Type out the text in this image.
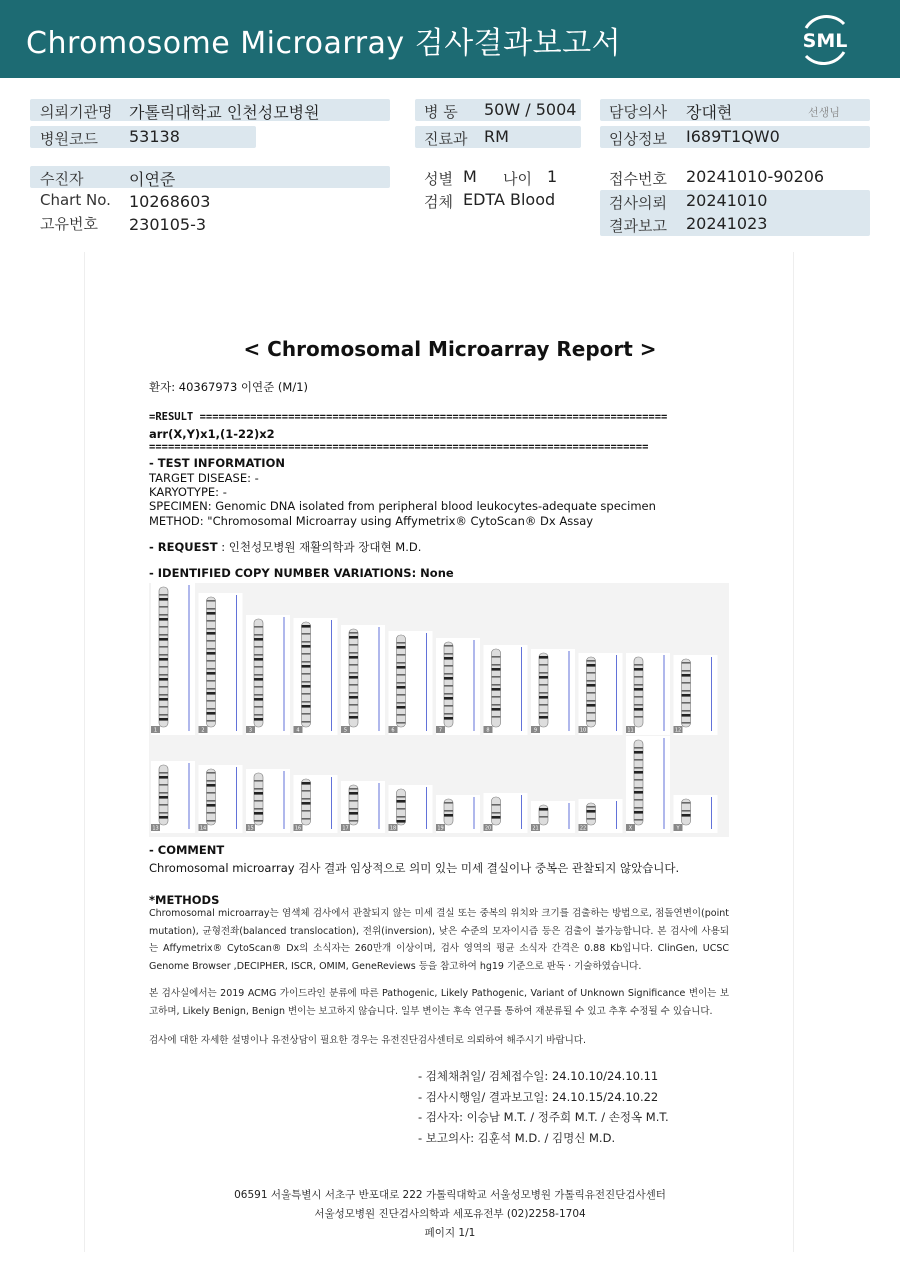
Chromosome Microarray 검사결과보고서	SML
의뢰기관명 가톨릭대학교 인천성모병원
병원코드 53138
병 동 50W / 5004
진료과 RM
담당의사 장대현	선생님
임상정보 I689T1QW0
수진자	이연준
Chart No. 10268603
고유번호 230105-3
성별 M 나이 1
검체 EDTA Blood
접수번호 20241010-90206
검사의뢰 20241010
결과보고 20241023
< Chromosomal Microarray Report >
환자: 40367973 이연준 (M/1)
=RESULT ==========================================================================
arr(X,Y)x1,(1-22)x2
===============================================================================
- TEST INFORMATION
TARGET DISEASE: -
KARYOTYPE: -
SPECIMEN: Genomic DNA isolated from peripheral blood leukocytes-adequate specimen
METHOD: "Chromosomal Microarray using Affymetrix® CytoScan® Dx Assay
- REQUEST : 인천성모병원 재활의학과 장대현 M.D.
- IDENTIFIED COPY NUMBER VARIATIONS: None
1	2	3	4	5	6	7	8	9	10	11	12
13	14	15	16	17	18	19	20	21	22	X	Y
- COMMENT
Chromosomal microarray 검사 결과 임상적으로 의미 있는 미세 결실이나 중복은 관찰되지 않았습니다.
*METHODS
Chromosomal microarray는 염색체 검사에서 관찰되지 않는 미세 결실 또는 중복의 위치와 크기를 검출하는 방법으로, 점돌연변이(point mutation), 균형전좌(balanced translocation), 전위(inversion), 낮은 수준의 모자이시즘 등은 검출이 불가능합니다. 본 검사에 사용되는 Affymetrix® CytoScan® Dx의 소식자는 260만개 이상이며, 검사 영역의 평균 소식자 간격은 0.88 Kb입니다. ClinGen, UCSC Genome Browser ,DECIPHER, ISCR, OMIM, GeneReviews 등을 참고하여 hg19 기준으로 판독 · 기술하였습니다.
본 검사실에서는 2019 ACMG 가이드라인 분류에 따른 Pathogenic, Likely Pathogenic, Variant of Unknown Significance 변이는 보고하며, Likely Benign, Benign 변이는 보고하지 않습니다. 일부 변이는 후속 연구를 통하여 재분류될 수 있고 추후 수정될 수 있습니다.
검사에 대한 자세한 설명이나 유전상담이 필요한 경우는 유전진단검사센터로 의뢰하여 해주시기 바랍니다.
- 검체채취일/ 검체접수일: 24.10.10/24.10.11
- 검사시행일/ 결과보고일: 24.10.15/24.10.22
- 검사자: 이승남 M.T. / 정주희 M.T. / 손정옥 M.T.
- 보고의사: 김훈석 M.D. / 김명신 M.D.
06591 서울특별시 서초구 반포대로 222 가톨릭대학교 서울성모병원 가톨릭유전진단검사센터
서울성모병원 진단검사의학과 세포유전부 (02)2258-1704
페이지 1/1
